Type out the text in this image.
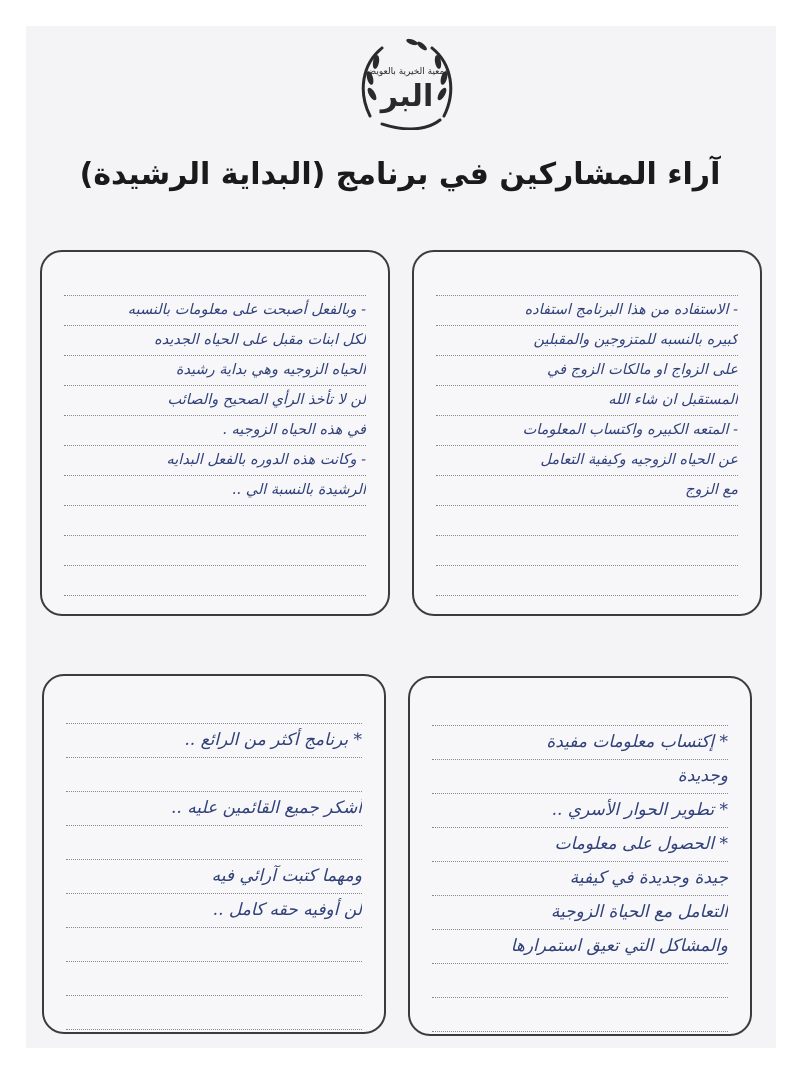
البر
جمعية الخيرية بالعويضة
آراء المشاركين في برنامج (البداية الرشيدة)
- الاستفاده من هذا البرنامج استفاده
كبيره بالنسبه للمتزوجين والمقبلين
على الزواج او مالكات الزوج في
المستقبل ان شاء الله
- المتعه الكبيره واكتساب المعلومات
عن الحياه الزوجيه وكيفية التعامل
مع الزوج
- وبالفعل أصبحت على معلومات بالنسبه
لكل ابنات مقبل على الحياه الجديده
الحياه الزوجيه وهي بداية رشيدة
لن لا تأخذ الرأي الصحيح والصائب
في هذه الحياه الزوجيه .
- وكانت هذه الدوره بالفعل البدايه
الرشيدة بالنسبة الي ..
* إكتساب معلومات مفيدة
وجديدة
* تطوير الحوار الأسري ..
* الحصول على معلومات
جيدة وجديدة في كيفية
التعامل مع الحياة الزوجية
والمشاكل التي تعيق استمرارها
* برنامج أكثر من الرائع ..
أشكر جميع القائمين عليه ..
ومهما كتبت آرائي فيه
لن أوفيه حقه كامل ..
